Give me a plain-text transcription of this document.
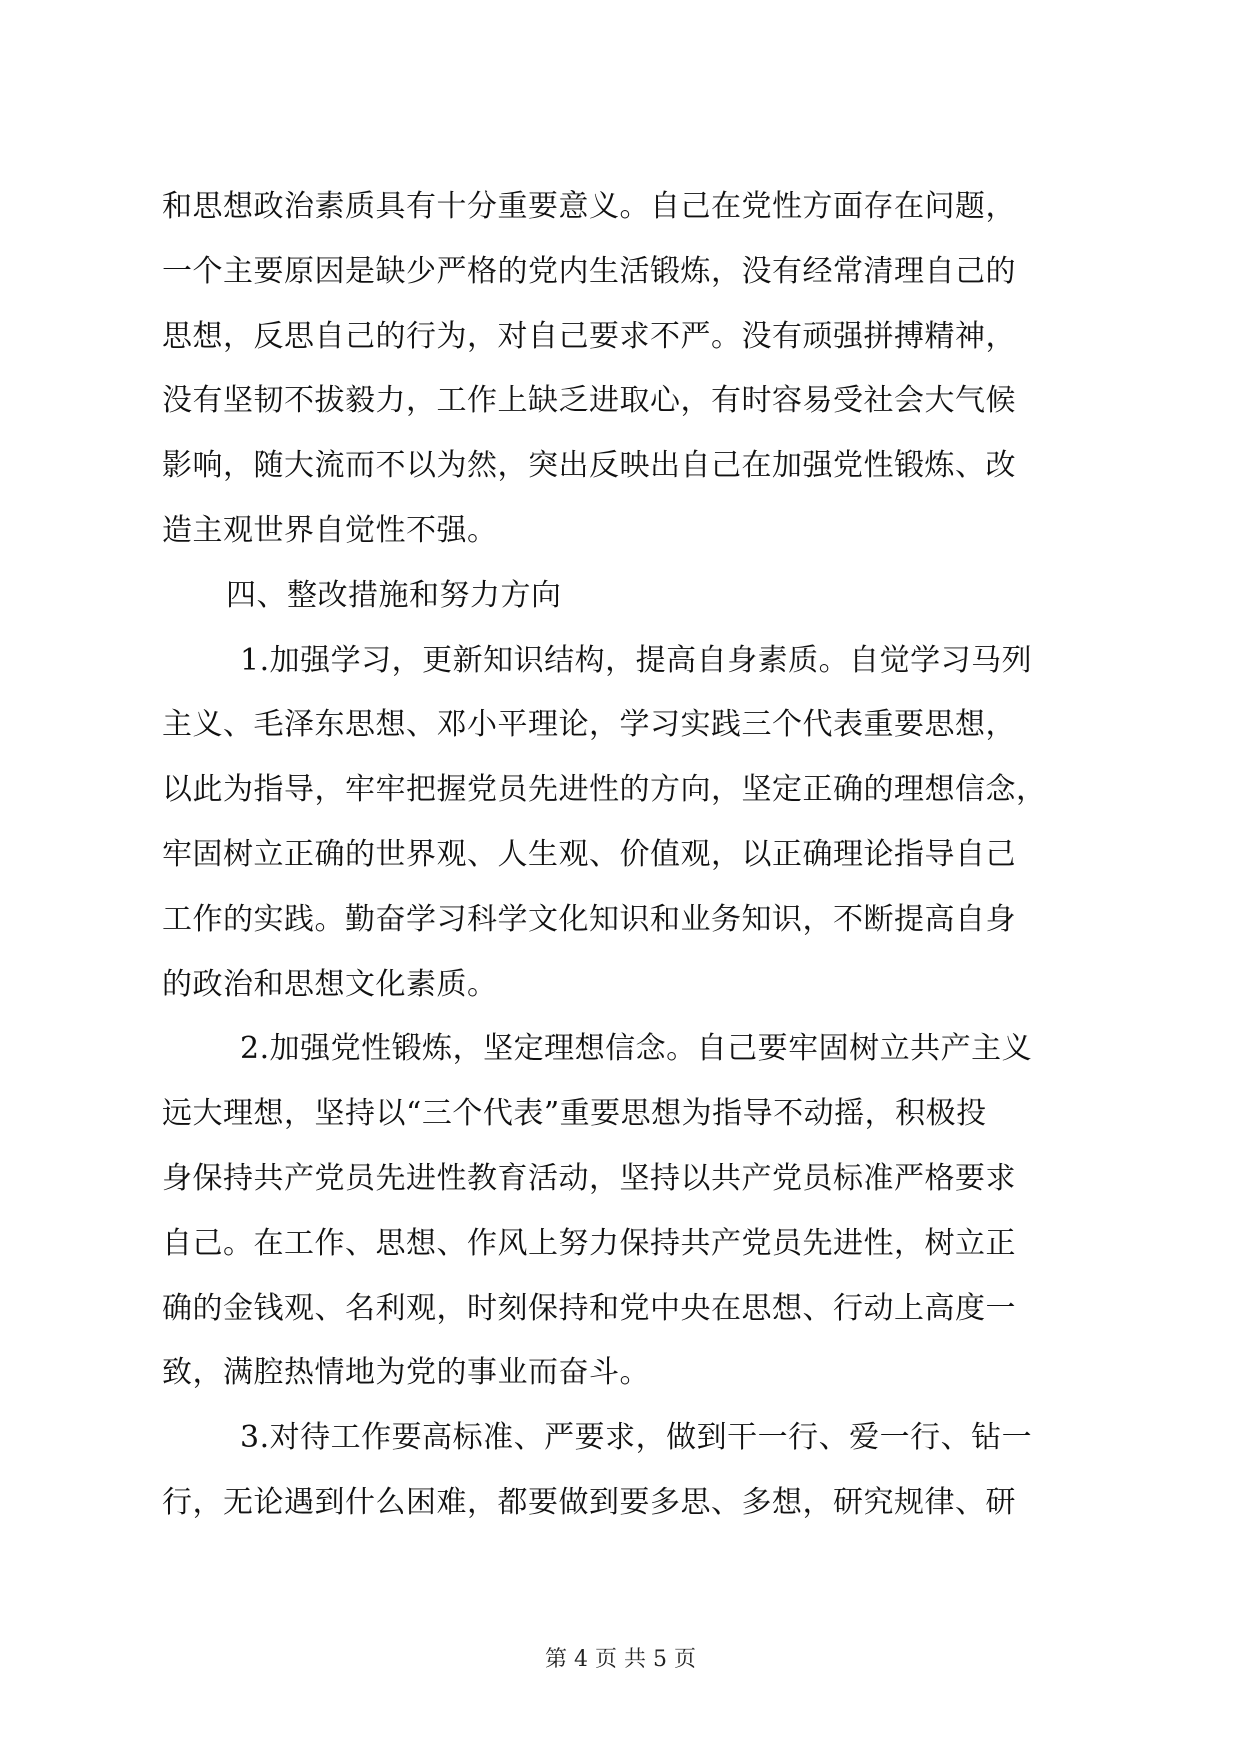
和思想政治素质具有十分重要意义。自己在党性方面存在问题，
一个主要原因是缺少严格的党内生活锻炼，没有经常清理自己的
思想，反思自己的行为，对自己要求不严。没有顽强拼搏精神，
没有坚韧不拔毅力，工作上缺乏进取心，有时容易受社会大气候
影响，随大流而不以为然，突出反映出自己在加强党性锻炼、改
造主观世界自觉性不强。
四、整改措施和努力方向
1.加强学习，更新知识结构，提高自身素质。自觉学习马列
主义、毛泽东思想、邓小平理论，学习实践三个代表重要思想，
以此为指导，牢牢把握党员先进性的方向，坚定正确的理想信念，
牢固树立正确的世界观、人生观、价值观，以正确理论指导自己
工作的实践。勤奋学习科学文化知识和业务知识，不断提高自身
的政治和思想文化素质。
2.加强党性锻炼，坚定理想信念。自己要牢固树立共产主义
远大理想，坚持以“三个代表”重要思想为指导不动摇，积极投
身保持共产党员先进性教育活动，坚持以共产党员标准严格要求
自己。在工作、思想、作风上努力保持共产党员先进性，树立正
确的金钱观、名利观，时刻保持和党中央在思想、行动上高度一
致，满腔热情地为党的事业而奋斗。
3.对待工作要高标准、严要求，做到干一行、爱一行、钻一
行，无论遇到什么困难，都要做到要多思、多想，研究规律、研
第 4 页 共 5 页
